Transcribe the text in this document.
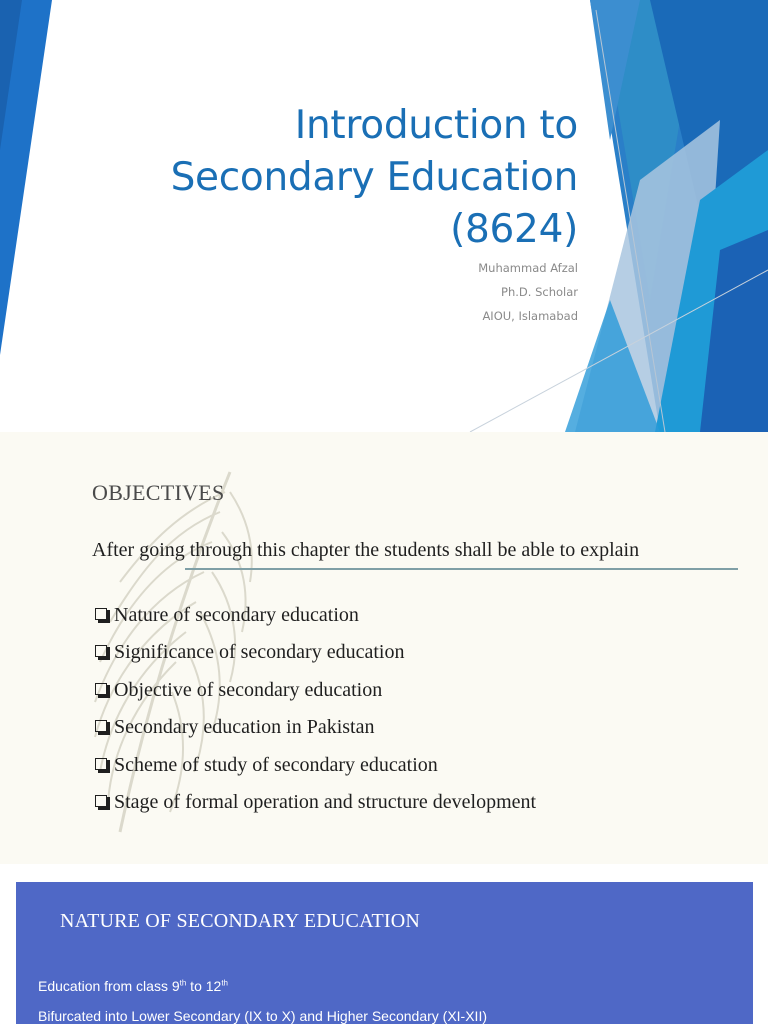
Introduction to
Secondary Education
(8624)
Muhammad Afzal
Ph.D. Scholar
AIOU, Islamabad
OBJECTIVES
After going through this chapter the students shall be able to explain
Nature of secondary education
Significance of secondary education
Objective of secondary education
Secondary education in Pakistan
Scheme of study of secondary education
Stage of formal operation and structure development
NATURE OF SECONDARY EDUCATION
Education from class 9th to 12th
Bifurcated into Lower Secondary (IX to X) and Higher Secondary (XI-XII)
